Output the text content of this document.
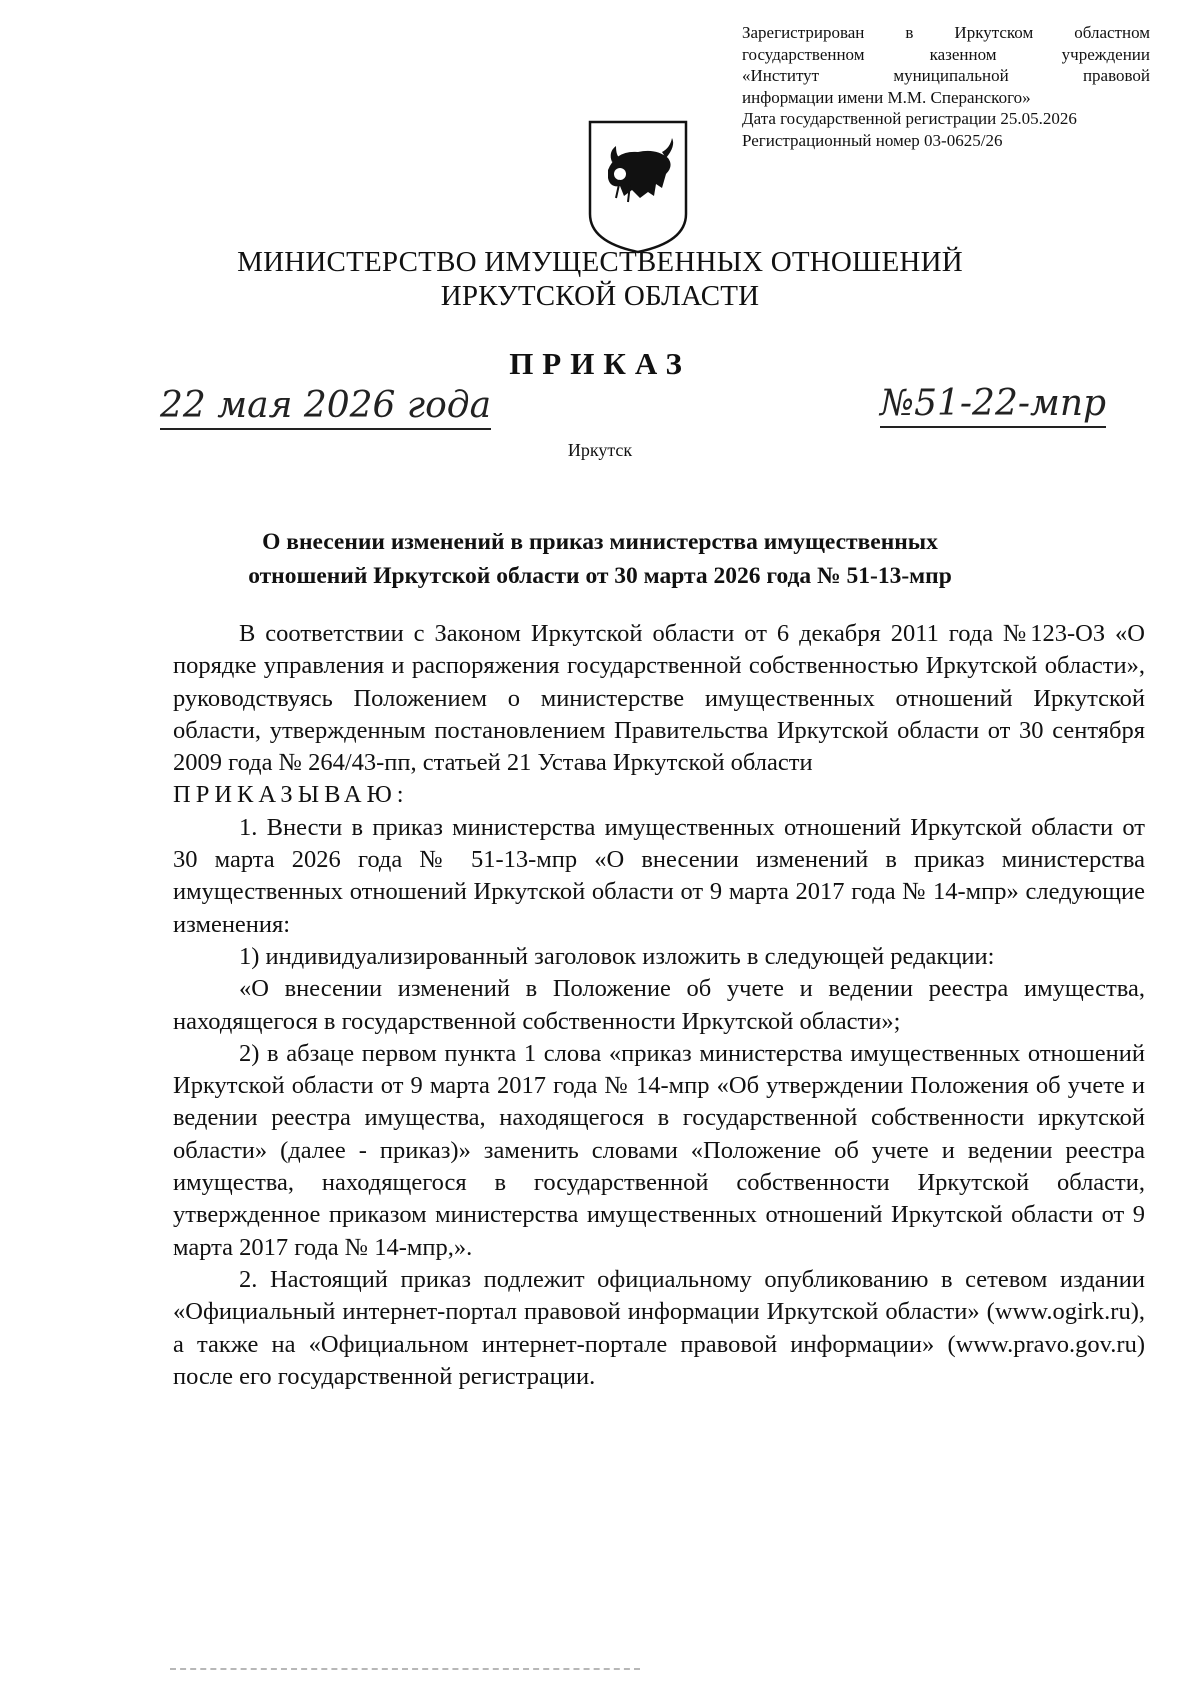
Зарегистрирован в Иркутском областном
государственном казенном учреждении
«Институт муниципальной правовой
информации имени М.М. Сперанского»
Дата государственной регистрации 25.05.2026
Регистрационный номер 03-0625/26
МИНИСТЕРСТВО ИМУЩЕСТВЕННЫХ ОТНОШЕНИЙ
ИРКУТСКОЙ ОБЛАСТИ
ПРИКАЗ
22 мая 2026 года	№51-22-мпр
Иркутск
О внесении изменений в приказ министерства имущественных
отношений Иркутской области от 30 марта 2026 года № 51-13-мпр

В соответствии с Законом Иркутской области от 6 декабря 2011 года №123-ОЗ «О порядке управления и распоряжения государственной собственностью Иркутской области», руководствуясь Положением о министерстве имущественных отношений Иркутской области, утвержденным постановлением Правительства Иркутской области от 30 сентября 2009 года № 264/43-пп, статьей 21 Устава Иркутской области

ПРИКАЗЫВАЮ:

1. Внести в приказ министерства имущественных отношений Иркутской области от 30 марта 2026 года № 51-13-мпр «О внесении изменений в приказ министерства имущественных отношений Иркутской области от 9 марта 2017 года № 14-мпр» следующие изменения:

1) индивидуализированный заголовок изложить в следующей редакции:

«О внесении изменений в Положение об учете и ведении реестра имущества, находящегося в государственной собственности Иркутской области»;

2) в абзаце первом пункта 1 слова «приказ министерства имущественных отношений Иркутской области от 9 марта 2017 года № 14-мпр «Об утверждении Положения об учете и ведении реестра имущества, находящегося в государственной собственности иркутской области» (далее - приказ)» заменить словами «Положение об учете и ведении реестра имущества, находящегося в государственной собственности Иркутской области, утвержденное приказом министерства имущественных отношений Иркутской области от 9 марта 2017 года № 14-мпр,».

2. Настоящий приказ подлежит официальному опубликованию в сетевом издании «Официальный интернет-портал правовой информации Иркутской области» (www.ogirk.ru), а также на «Официальном интернет-портале правовой информации» (www.pravo.gov.ru) после его государственной регистрации.
